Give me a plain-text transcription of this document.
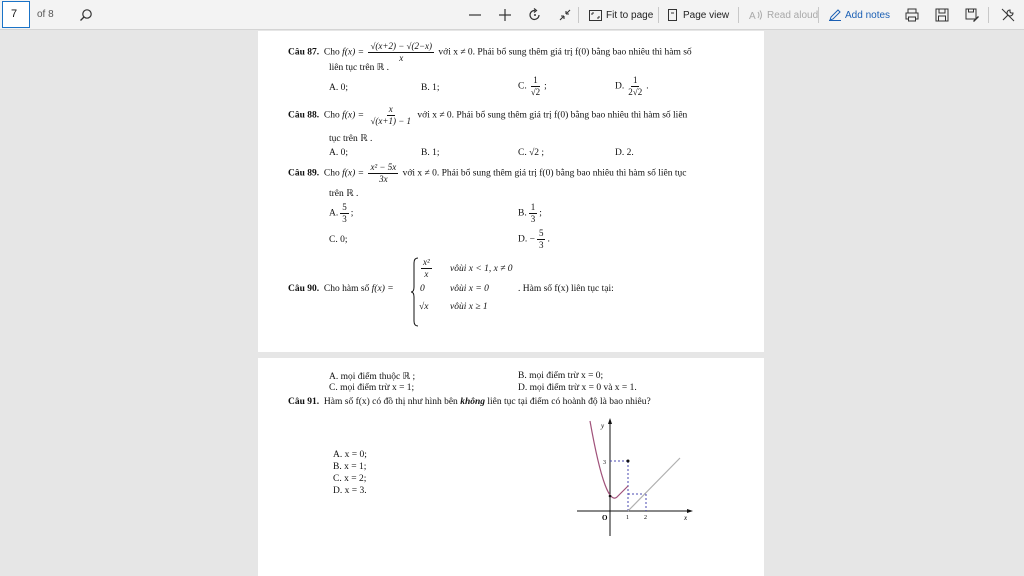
7	of 8	Fit to page	Page view A Read aloud	Add notes
Câu 87. Cho $f(x) = \frac{√(x+2) - √(2-x)}{x}$ với x ≠ 0. Phải bổ sung thêm giá trị f(0) bằng bao nhiêu thì hàm số
liên tục trên ℝ .
A. 0;	B. 1;	C. $\frac{1}{√2}$ ;	D. $\frac{1}{2√2}$ .
Câu 88. Cho $f(x) = \frac{x}{√(x+1) - 1}$ với x ≠ 0. Phải bổ sung thêm giá trị f(0) bằng bao nhiêu thì hàm số liên
tục trên ℝ .
A. 0;	B. 1;	C. √2 ;	D. 2.
Câu 89. Cho $f(x) = \frac{\text{x² − 5x}}{3x}$ với x ≠ 0. Phải bổ sung thêm giá trị f(0) bằng bao nhiêu thì hàm số liên tục
trên ℝ .
A. $\frac{5}{3}$ ;	B. $\frac{1}{3}$ ;
C. 0;	D. − $\frac{5}{3}$ .
Câu 90. Cho hàm số f(x) =
$\frac{\text{x²}}{x}$ vôùi x < 1, x ≠ 0
0	vôùi x = 0
√x vôùi x ≥ 1
. Hàm số f(x) liên tục tại:
A. mọi điểm thuộc ℝ ;	B. mọi điểm trừ x = 0;
C. mọi điểm trừ x = 1;	D. mọi điểm trừ x = 0 và x = 1.
Câu 91. Hàm số f(x) có đồ thị như hình bên không liên tục tại điểm có hoành độ là bao nhiêu?
A. x = 0;
B. x = 1;
C. x = 2;
D. x = 3.
y
x
O
3
1	2
